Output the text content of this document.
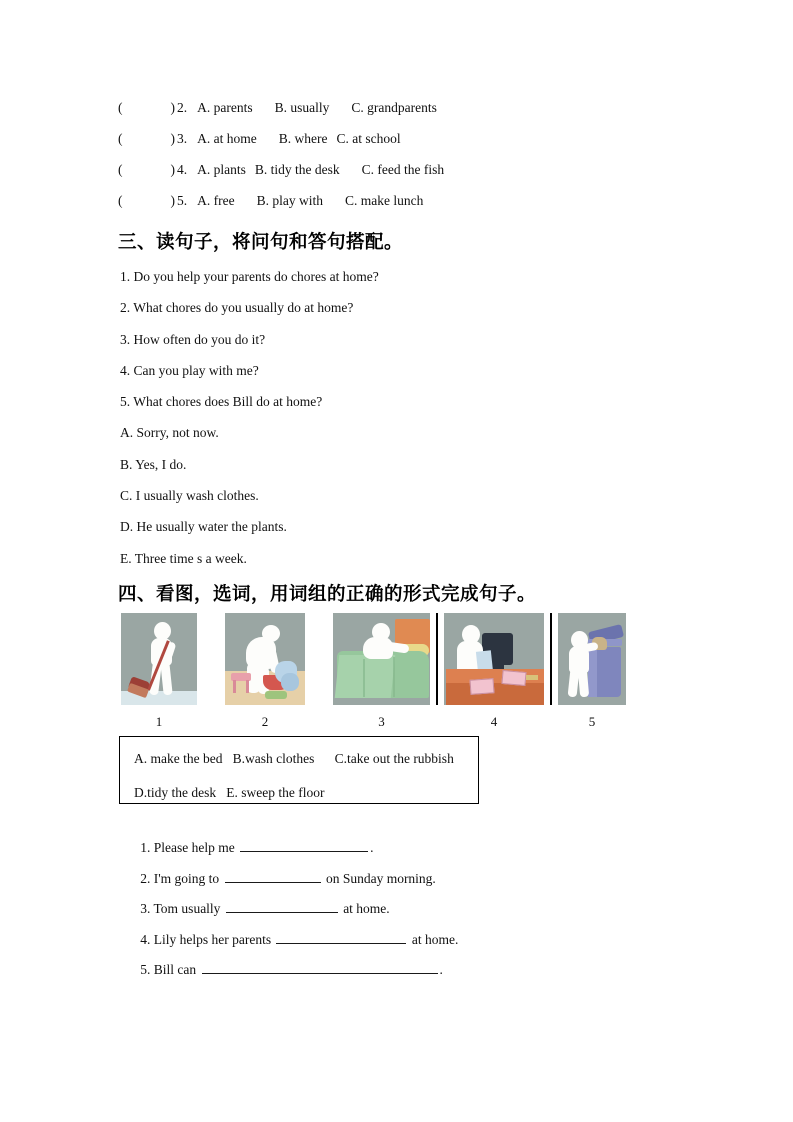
(	) 2. A. parents B. usually C. grandparents
(	) 3. A. at home B. where C. at school
(	) 4. A. plants B. tidy the desk C. feed the fish
(	) 5. A. free B. play with C. make lunch
三、读句子，将问句和答句搭配。
1. Do you help your parents do chores at home?
2. What chores do you usually do at home?
3. How often do you do it?
4. Can you play with me?
5. What chores does Bill do at home?
A. Sorry, not now.
B. Yes, I do.
C. I usually wash clothes.
D. He usually water the plants.
E. Three time s a week.
四、看图，选词，用词组的正确的形式完成句子。
1	2	3	4	5
A. make the bed   B.wash clothes      C.take out the rubbish
D.tidy the desk   E. sweep the floor

1. Please help me	.

2. I'm going to	on Sunday morning.

3. Tom usually	at home.

4. Lily helps her parents	at home.

5. Bill can	.
